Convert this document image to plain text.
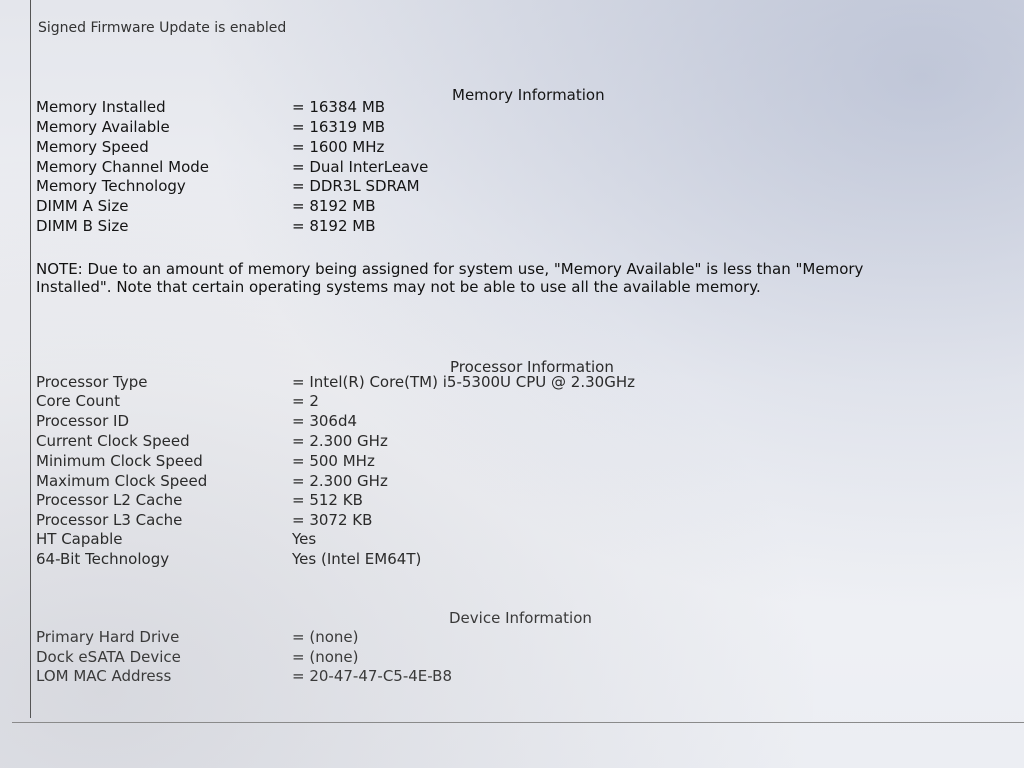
Signed Firmware Update is enabled
Memory Information
Memory Installed	= 16384 MB
Memory Available	= 16319 MB
Memory Speed	= 1600 MHz
Memory Channel Mode	= Dual InterLeave
Memory Technology	= DDR3L SDRAM
DIMM A Size	= 8192 MB
DIMM B Size	= 8192 MB
NOTE: Due to an amount of memory being assigned for system use, "Memory Available" is less than "Memory Installed". Note that certain operating systems may not be able to use all the available memory.
Processor Information
Processor Type	= Intel(R) Core(TM) i5-5300U CPU @ 2.30GHz
Core Count	= 2
Processor ID	= 306d4
Current Clock Speed	= 2.300 GHz
Minimum Clock Speed	= 500 MHz
Maximum Clock Speed	= 2.300 GHz
Processor L2 Cache	= 512 KB
Processor L3 Cache	= 3072 KB
HT Capable	Yes
64-Bit Technology	Yes (Intel EM64T)
Device Information
Primary Hard Drive	= (none)
Dock eSATA Device	= (none)
LOM MAC Address	= 20-47-47-C5-4E-B8
